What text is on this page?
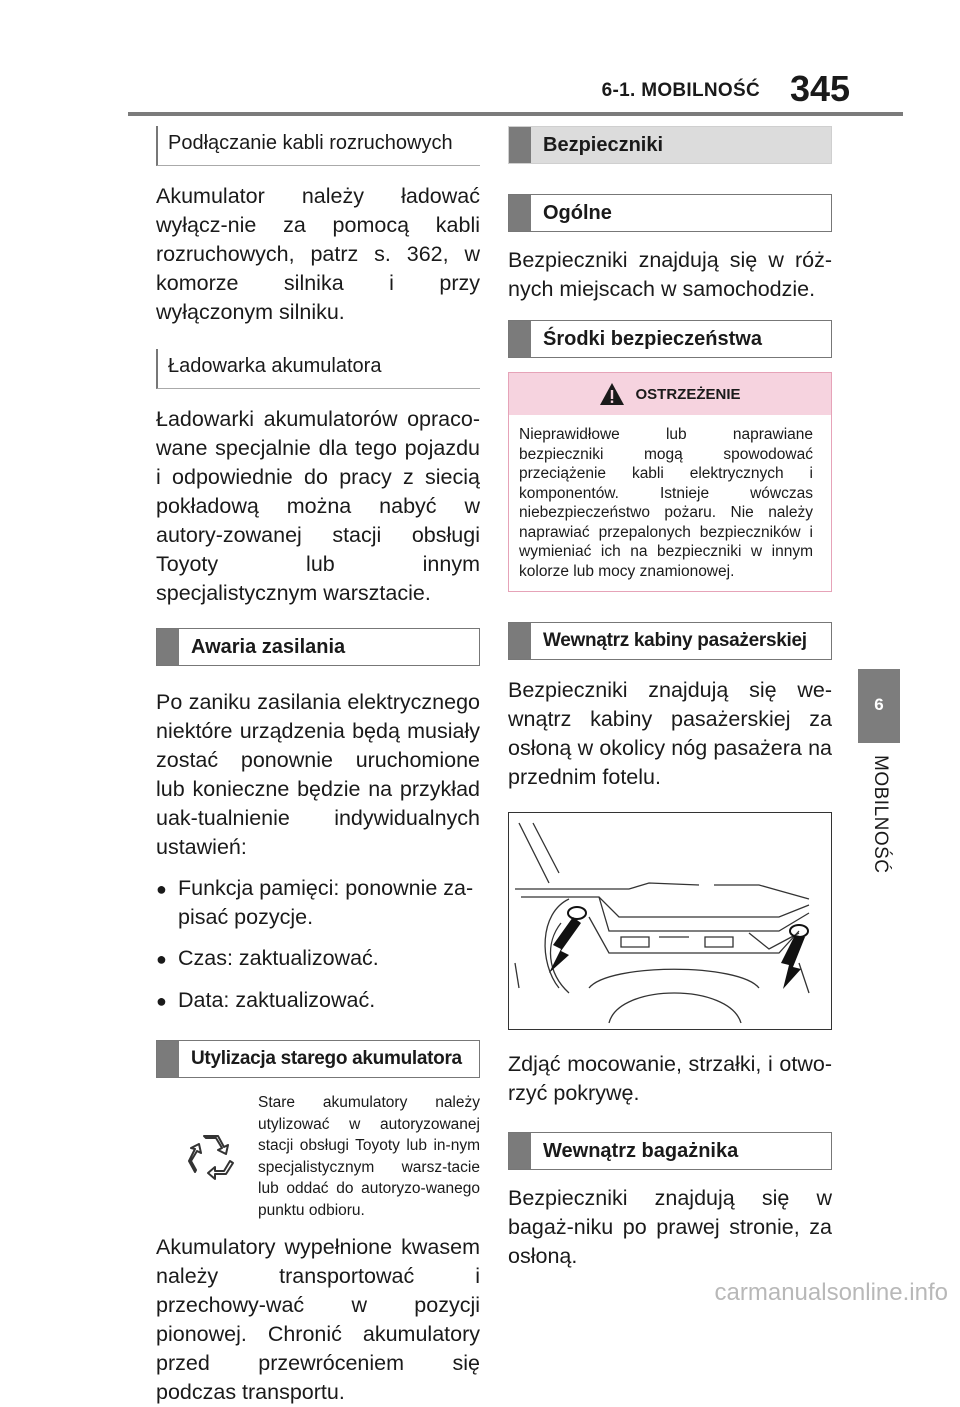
6-1. MOBILNOŚĆ 345
6
MOBILNOŚĆ
Podłączanie kabli rozruchowych

Akumulator należy ładować wyłącz-nie za pomocą kabli rozruchowych, patrz s. 362, w komorze silnika i przy wyłączonym silniku.

Ładowarka akumulatora

Ładowarki akumulatorów opraco-wane specjalnie dla tego pojazdu i odpowiednie do pracy z siecią pokładową można nabyć w autory-zowanej stacji obsługi Toyoty lub innym specjalistycznym warsztacie.

Awaria zasilania

Po zaniku zasilania elektrycznego niektóre urządzenia będą musiały zostać ponownie uruchomione lub konieczne będzie na przykład uak-tualnienie indywidualnych ustawień:

● Funkcja pamięci: ponownie za-pisać pozycje.
● Czas: zaktualizować.
● Data: zaktualizować.
Utylizacja starego akumulatora

Stare akumulatory należy utylizować w autoryzowanej stacji obsługi Toyoty lub in-nym specjalistycznym warsz-tacie lub oddać do autoryzo-wanego punktu odbioru.

Akumulatory wypełnione kwasem należy transportować i przechowy-wać w pozycji pionowej. Chronić akumulatory przed przewróceniem się podczas transportu.

Bezpieczniki
Ogólne

Bezpieczniki znajdują się w róż-nych miejscach w samochodzie.

Środki bezpieczeństwa
OSTRZEŻENIE

Nieprawidłowe lub naprawiane bezpieczniki mogą spowodować przeciążenie kabli elektrycznych i komponentów. Istnieje wówczas niebezpieczeństwo pożaru. Nie należy naprawiać przepalonych bezpieczników i wymieniać ich na bezpieczniki w innym kolorze lub mocy znamionowej.

Wewnątrz kabiny pasażerskiej

Bezpieczniki znajdują się we-wnątrz kabiny pasażerskiej za osłoną w okolicy nóg pasażera na przednim fotelu.

Zdjąć mocowanie, strzałki, i otwo-rzyć pokrywę.

Wewnątrz bagażnika

Bezpieczniki znajdują się w bagaż-niku po prawej stronie, za osłoną.

carmanualsonline.info
